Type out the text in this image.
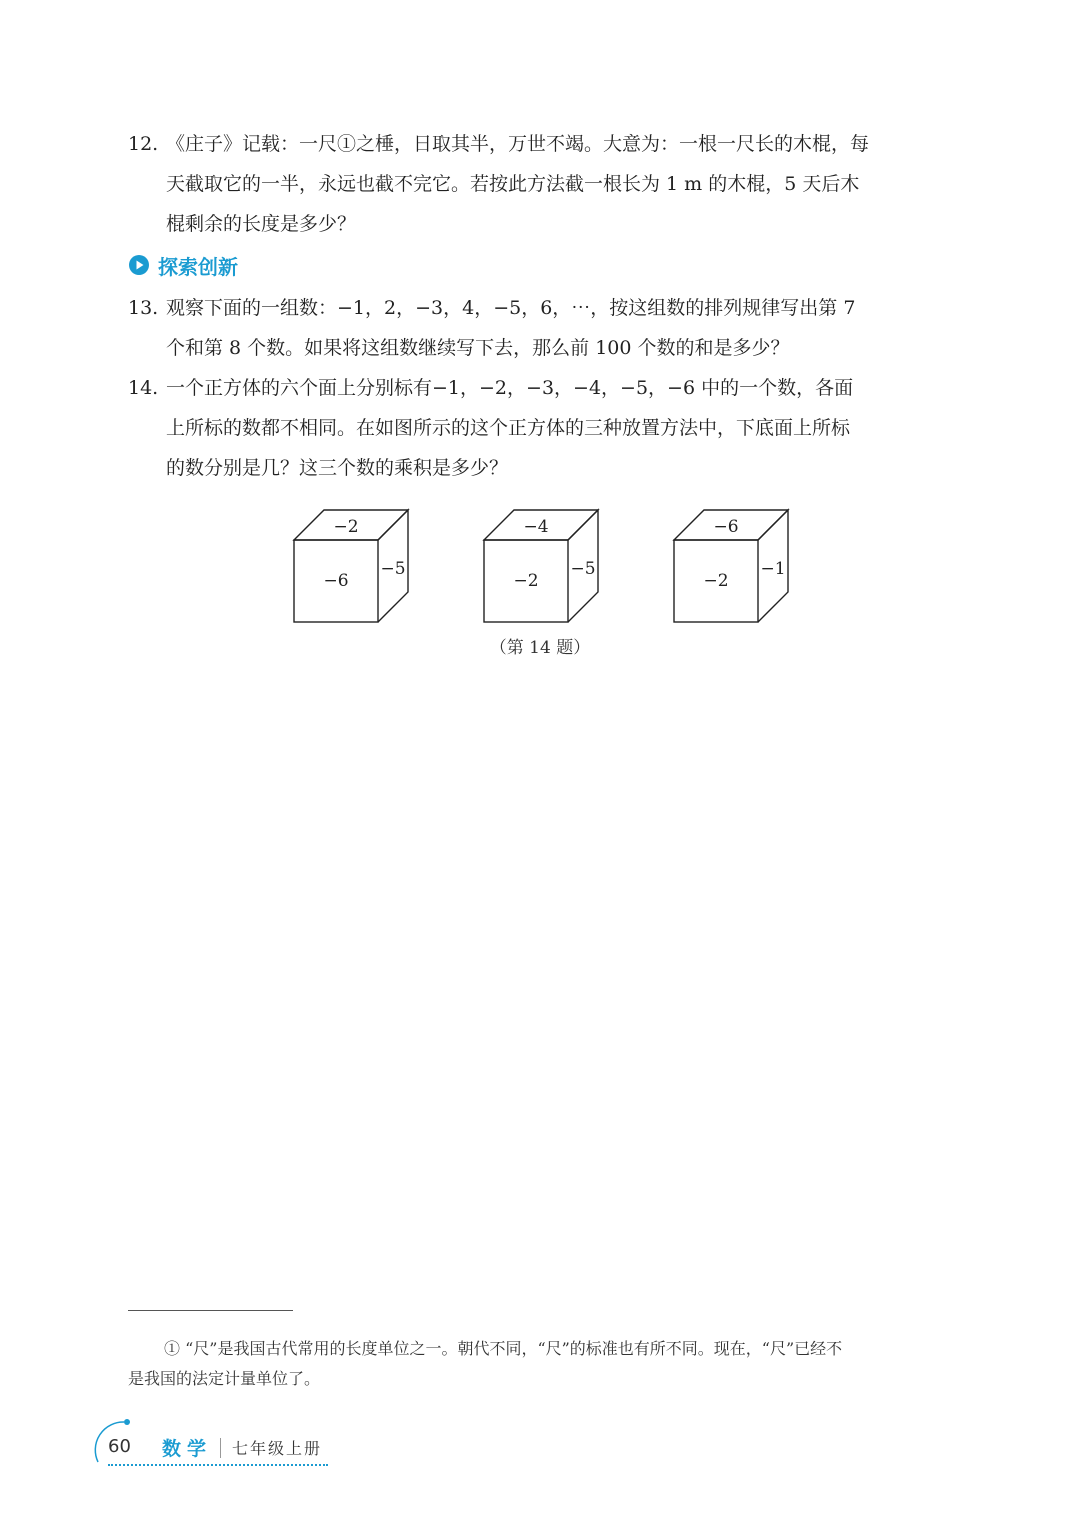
12. 《庄子》记载：一尺①之棰，日取其半，万世不竭。大意为：一根一尺长的木棍，每
天截取它的一半，永远也截不完它。若按此方法截一根长为 1 m 的木棍，5 天后木
棍剩余的长度是多少？
探索创新
13. 观察下面的一组数：−1，2，−3，4，−5，6，⋯，按这组数的排列规律写出第 7
个和第 8 个数。如果将这组数继续写下去，那么前 100 个数的和是多少？
14. 一个正方体的六个面上分别标有−1，−2，−3，−4，−5，−6 中的一个数，各面
上所标的数都不相同。在如图所示的这个正方体的三种放置方法中，下底面上所标
的数分别是几？这三个数的乘积是多少？
−2
−6
−5
−4
−2
−5
−6
−2
−1
（第 14 题）
① “尺”是我国古代常用的长度单位之一。朝代不同，“尺”的标准也有所不同。现在，“尺”已经不
是我国的法定计量单位了。
60 数学 七年级上册
